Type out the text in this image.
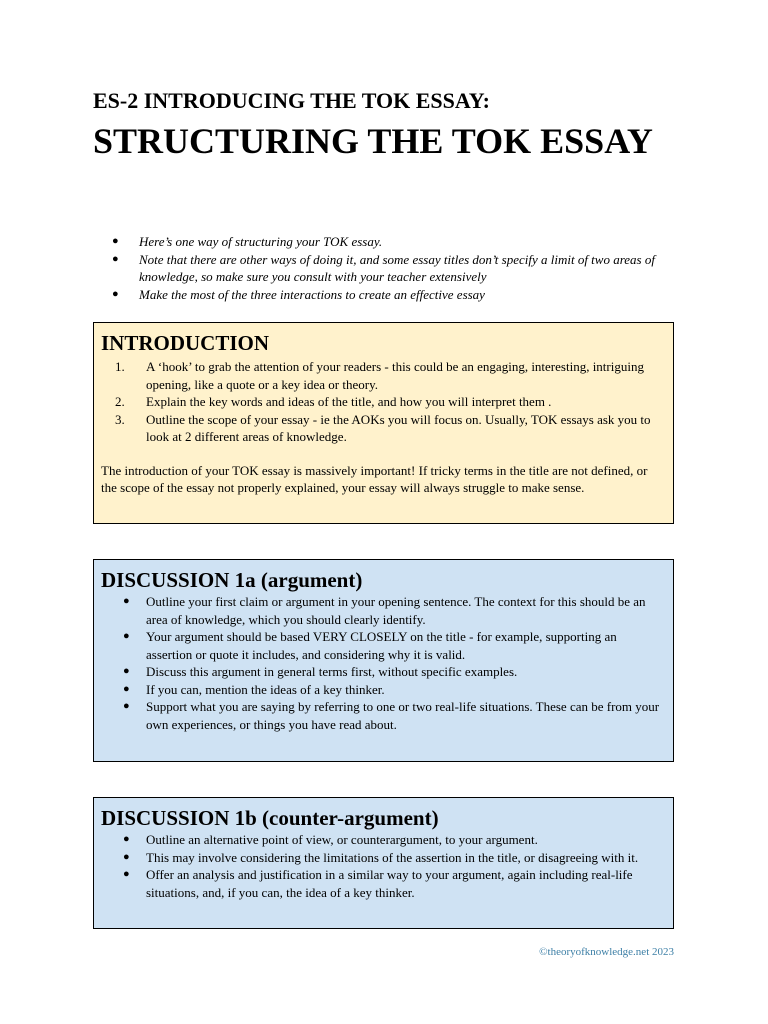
ES-2 INTRODUCING THE TOK ESSAY:
STRUCTURING THE TOK ESSAY
● Here’s one way of structuring your TOK essay.
● Note that there are other ways of doing it, and some essay titles don’t specify a limit of two areas of knowledge, so make sure you consult with your teacher extensively
● Make the most of the three interactions to create an effective essay
INTRODUCTION
1. A ‘hook’ to grab the attention of your readers - this could be an engaging, interesting, intriguing opening, like a quote or a key idea or theory.
2. Explain the key words and ideas of the title, and how you will interpret them .
3. Outline the scope of your essay - ie the AOKs you will focus on. Usually, TOK essays ask you to look at 2 different areas of knowledge.

The introduction of your TOK essay is massively important! If tricky terms in the title are not defined, or the scope of the essay not properly explained, your essay will always struggle to make sense.

DISCUSSION 1a (argument)
● Outline your first claim or argument in your opening sentence. The context for this should be an area of knowledge, which you should clearly identify.
● Your argument should be based VERY CLOSELY on the title - for example, supporting an assertion or quote it includes, and considering why it is valid.
● Discuss this argument in general terms first, without specific examples.
● If you can, mention the ideas of a key thinker.
● Support what you are saying by referring to one or two real-life situations. These can be from your own experiences, or things you have read about.
DISCUSSION 1b (counter-argument)
● Outline an alternative point of view, or counterargument, to your argument.
● This may involve considering the limitations of the assertion in the title, or disagreeing with it.
● Offer an analysis and justification in a similar way to your argument, again including real-life situations, and, if you can, the idea of a key thinker.
©theoryofknowledge.net 2023
